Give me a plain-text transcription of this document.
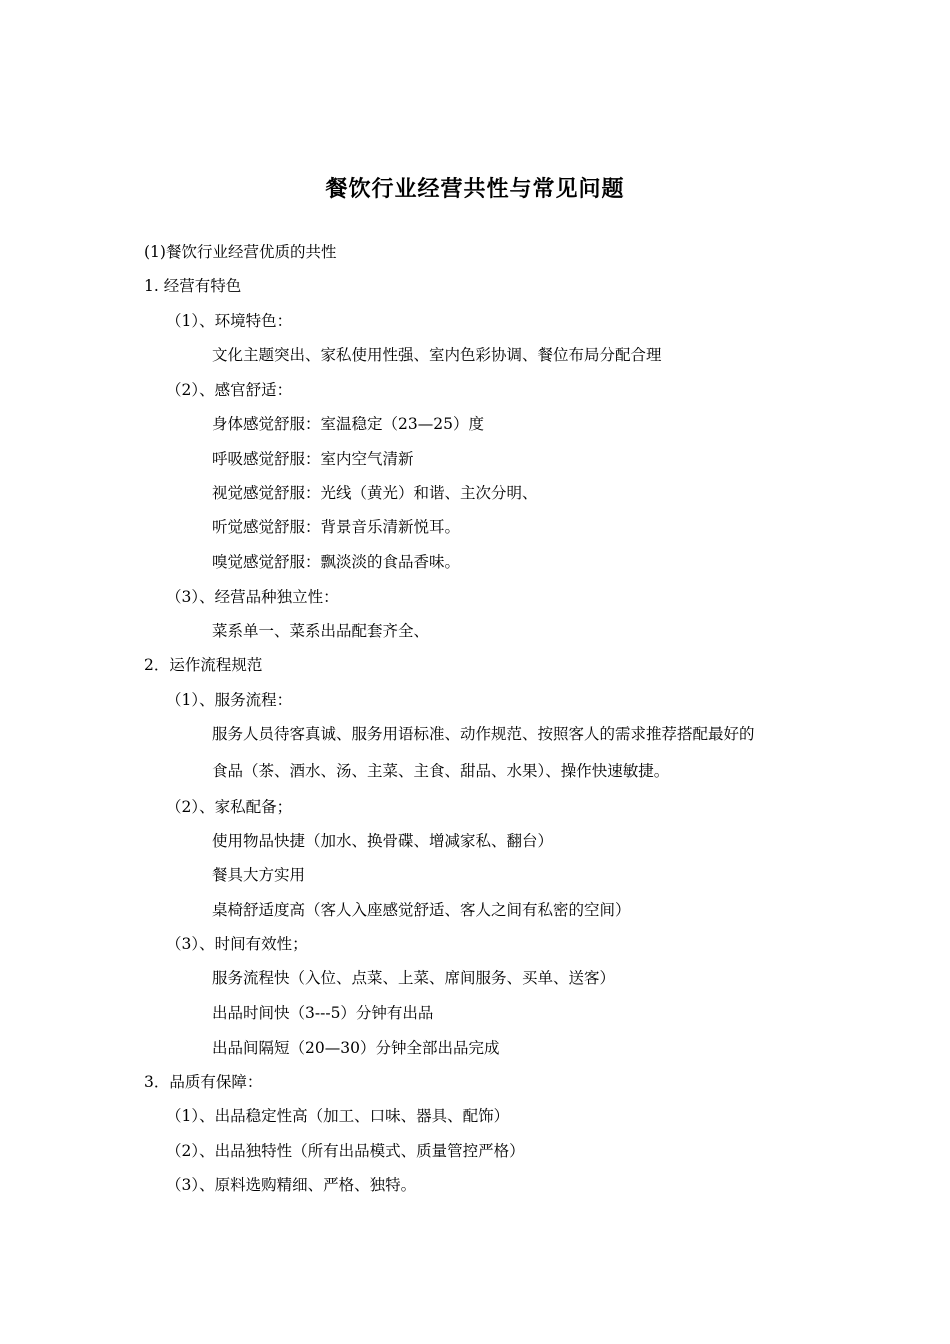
餐饮行业经营共性与常见问题
(1)餐饮行业经营优质的共性
1. 经营有特色
（1）、环境特色：
文化主题突出、家私使用性强、室内色彩协调、餐位布局分配合理
（2）、感官舒适：
身体感觉舒服：室温稳定（23—25）度
呼吸感觉舒服：室内空气清新
视觉感觉舒服：光线（黄光）和谐、主次分明、
听觉感觉舒服：背景音乐清新悦耳。
嗅觉感觉舒服：飘淡淡的食品香味。
（3）、经营品种独立性：
菜系单一、菜系出品配套齐全、
2．运作流程规范
（1）、服务流程：
服务人员待客真诚、服务用语标准、动作规范、按照客人的需求推荐搭配最好的
食品（茶、酒水、汤、主菜、主食、甜品、水果）、操作快速敏捷。
（2）、家私配备；
使用物品快捷（加水、换骨碟、增减家私、翻台）
餐具大方实用
桌椅舒适度高（客人入座感觉舒适、客人之间有私密的空间）
（3）、时间有效性；
服务流程快（入位、点菜、上菜、席间服务、买单、送客）
出品时间快（3---5）分钟有出品
出品间隔短（20—30）分钟全部出品完成
3．品质有保障：
（1）、出品稳定性高（加工、口味、器具、配饰）
（2）、出品独特性（所有出品模式、质量管控严格）
（3）、原料选购精细、严格、独特。
